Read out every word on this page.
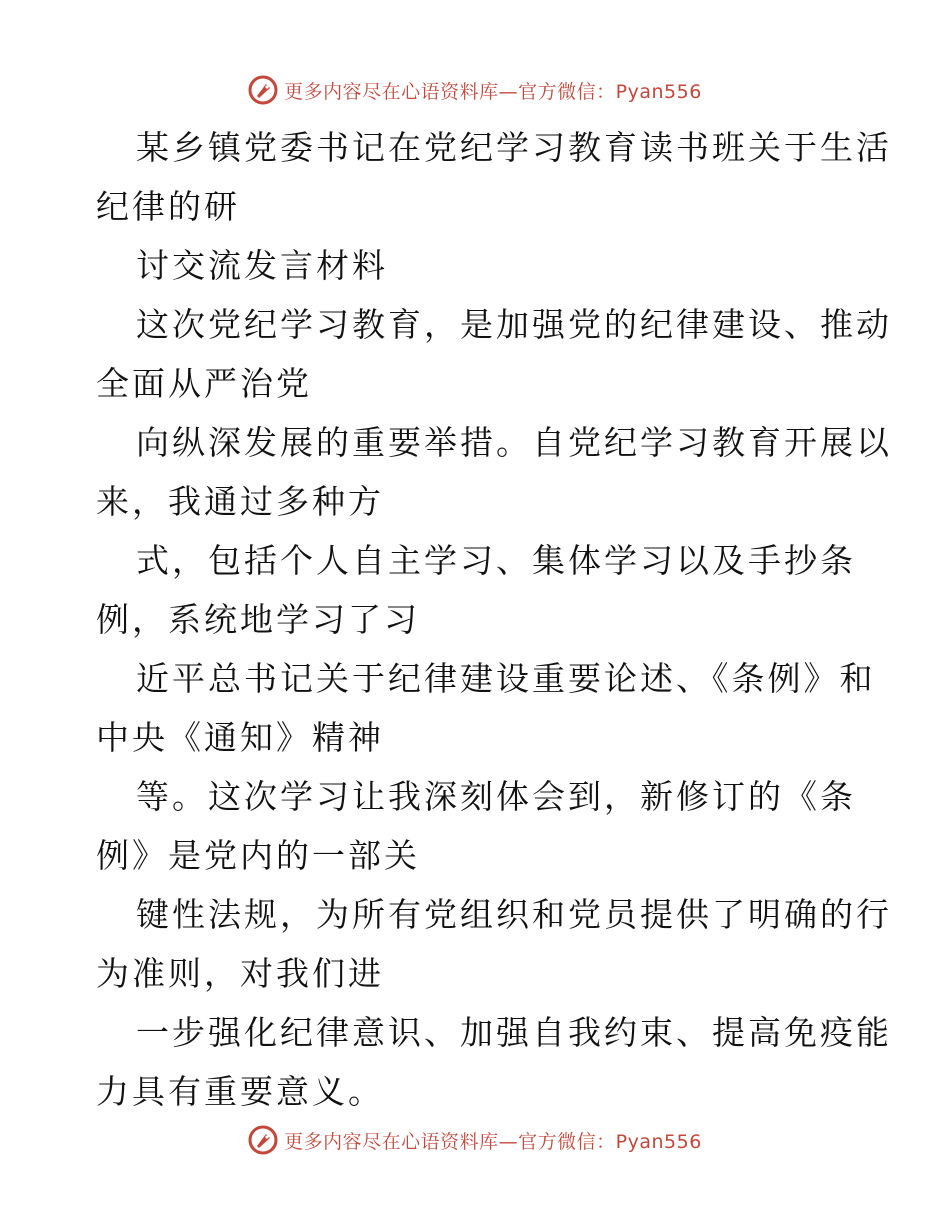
更多内容尽在心语资料库—官方微信：Pyan556
某乡镇党委书记在党纪学习教育读书班关于生活
纪律的研
讨交流发言材料
这次党纪学习教育，是加强党的纪律建设、推动
全面从严治党
向纵深发展的重要举措。自党纪学习教育开展以
来，我通过多种方
式，包括个人自主学习、集体学习以及手抄条
例，系统地学习了习
近平总书记关于纪律建设重要论述、《条例》和
中央《通知》精神
等。这次学习让我深刻体会到，新修订的《条
例》是党内的一部关
键性法规，为所有党组织和党员提供了明确的行
为准则，对我们进
一步强化纪律意识、加强自我约束、提高免疫能
力具有重要意义。
更多内容尽在心语资料库—官方微信：Pyan556
